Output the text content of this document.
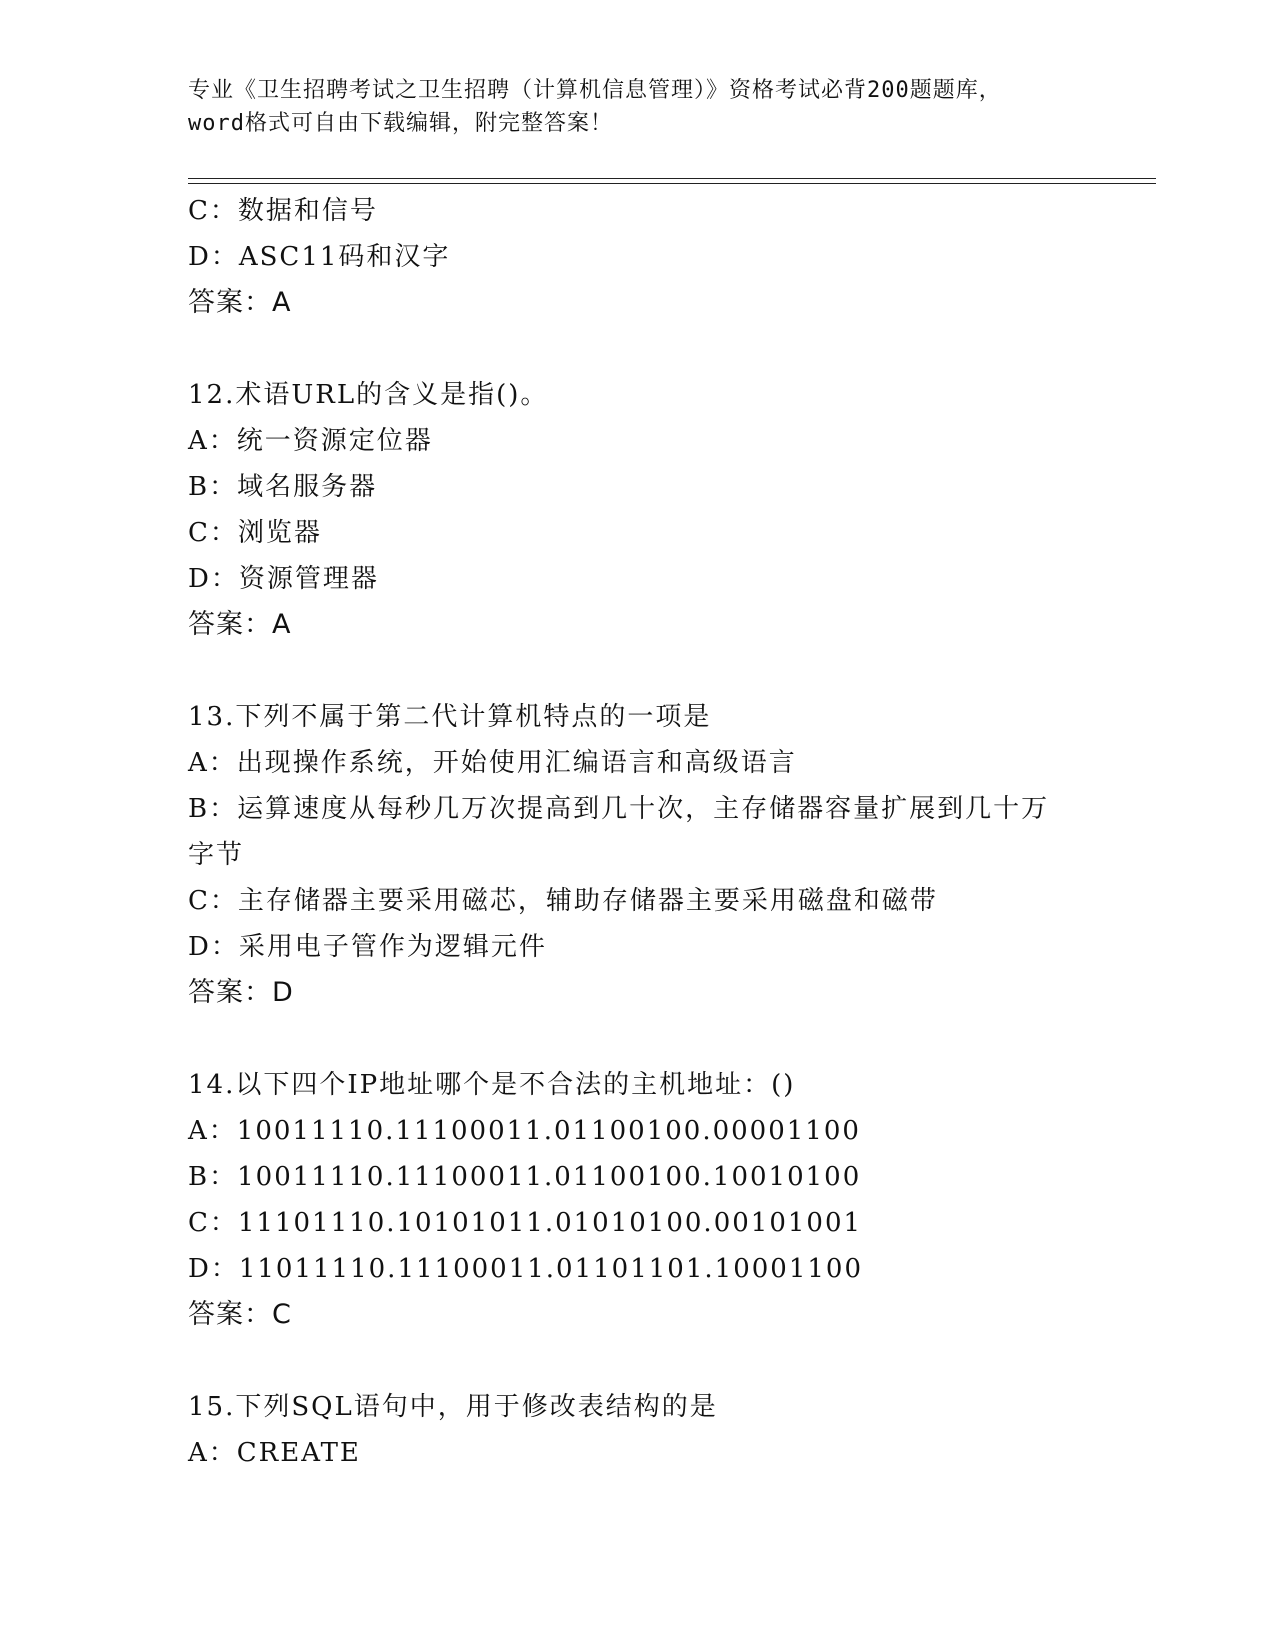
专业《卫生招聘考试之卫生招聘（计算机信息管理）》资格考试必背200题题库，
word格式可自由下载编辑，附完整答案！
C：数据和信号
D：ASC11码和汉字
答案：A
12.术语URL的含义是指()。
A：统一资源定位器
B：域名服务器
C：浏览器
D：资源管理器
答案：A
13.下列不属于第二代计算机特点的一项是
A：出现操作系统，开始使用汇编语言和高级语言
B：运算速度从每秒几万次提高到几十次，主存储器容量扩展到几十万
字节
C：主存储器主要采用磁芯，辅助存储器主要采用磁盘和磁带
D：采用电子管作为逻辑元件
答案：D
14.以下四个IP地址哪个是不合法的主机地址：()
A：10011110.11100011.01100100.00001100
B：10011110.11100011.01100100.10010100
C：11101110.10101011.01010100.00101001
D：11011110.11100011.01101101.10001100
答案：C
15.下列SQL语句中，用于修改表结构的是
A：CREATE
